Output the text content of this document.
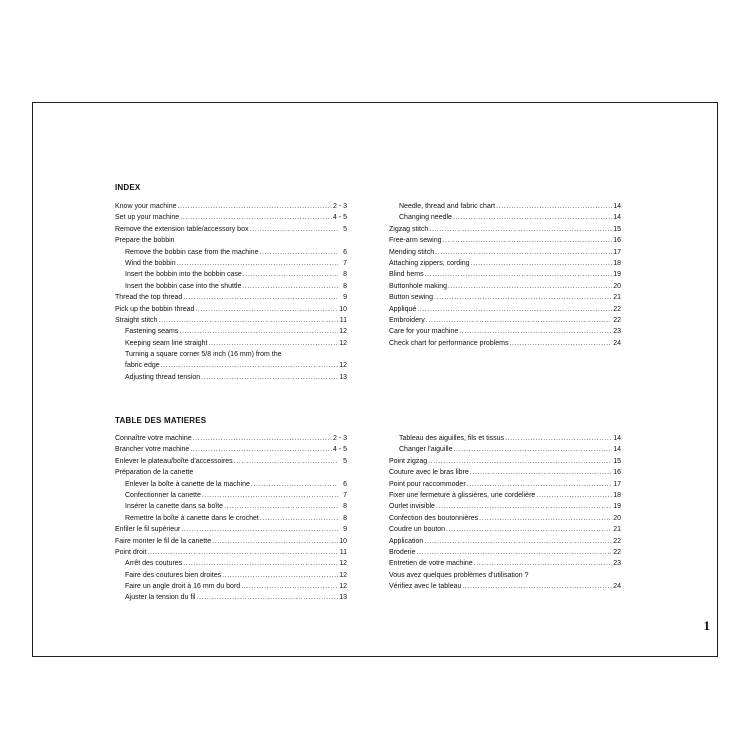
INDEX
Know your machine .....	2 - 3
Set up your machine .....	4 - 5
Remove the extension table/accessory box .....	5
Prepare the bobbin
Remove the bobbin case from the machine .....	6
Wind the bobbin .....	7
Insert the bobbin into the bobbin case .....	8
Insert the bobbin case into the shuttle .....	8
Thread the top thread .....	9
Pick up the bobbin thread .....	10
Straight stitch .....	11
Fastening seams .....	12
Keeping seam line straight .....	12
Turning a square corner 5/8 inch (16 mm) from the
fabric edge .....	12
Adjusting thread tension .....	13
Needle, thread and fabric chart .....	14
Changing needle .....	14
Zigzag stitch .....	15
Free-arm sewing .....	16
Mending stitch .....	17
Attaching zippers, cording .....	18
Blind hems .....	19
Buttonhole making .....	20
Button sewing .....	21
Appliqué .....	22
Embroidery .....	22
Care for your machine .....	23
Check chart for performance problems .....	24
TABLE DES MATIERES
Connaître votre machine .....	2 - 3
Brancher votre machine .....	4 - 5
Enlever le plateau/boîte d'accessoires .....	5
Préparation de la canette
Enlever la boîte à canette de la machine .....	6
Confectionner la canette .....	7
Insérer la canette dans sa boîte .....	8
Remettre la boîte à canette dans le crochet .....	8
Enfiler le fil supérieur .....	9
Faire monter le fil de la canette .....	10
Point droit .....	11
Arrêt des coutures .....	12
Faire des coutures bien droites .....	12
Faire un angle droit à 16 mm du bord .....	12
Ajuster la tension du fil .....	13
Tableau des aiguilles, fils et tissus .....	14
Changer l'aiguille .....	14
Point zigzag .....	15
Couture avec le bras libre .....	16
Point pour raccommoder .....	17
Fixer une fermeture à glissières, une cordelière .....	18
Ourlet invisible .....	19
Confection des boutonnières .....	20
Coudre un bouton .....	21
Application .....	22
Broderie .....	22
Entretien de votre machine .....	23
Vous avez quelques problèmes d'utilisation ?
Vérifiez avec le tableau .....	24
1
